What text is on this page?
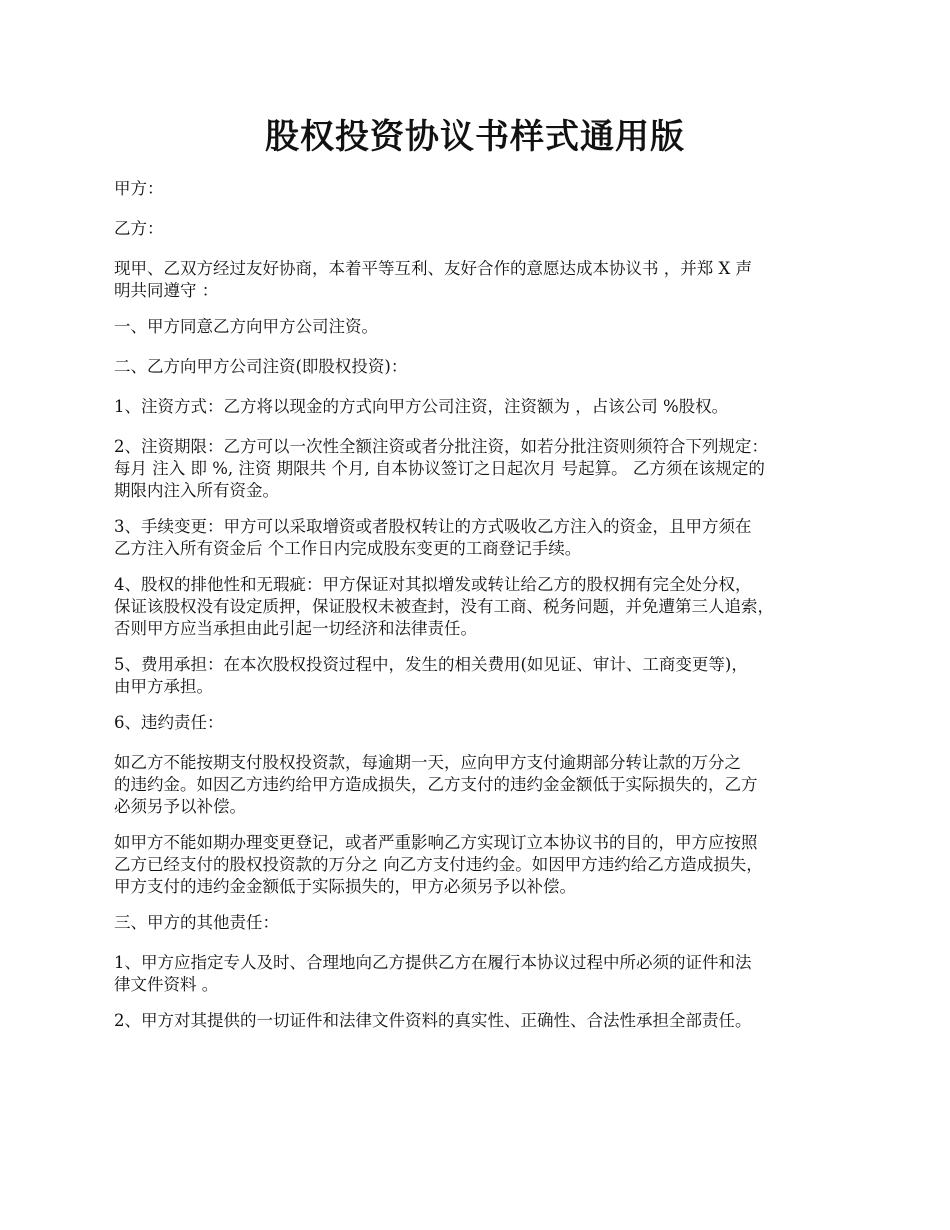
股权投资协议书样式通用版

甲方：

乙方：

现甲、乙双方经过友好协商，本着平等互利、友好合作的意愿达成本协议书 ，并郑 X 声
明共同遵守 ：

一、甲方同意乙方向甲方公司注资。

二、乙方向甲方公司注资(即股权投资)：

1、注资方式：乙方将以现金的方式向甲方公司注资，注资额为 ，占该公司 %股权。

2、注资期限：乙方可以一次性全额注资或者分批注资，如若分批注资则须符合下列规定：
每月 注入 即 %, 注资 期限共 个月, 自本协议签订之日起次月 号起算。 乙方须在该规定的
期限内注入所有资金。

3、手续变更：甲方可以采取增资或者股权转让的方式吸收乙方注入的资金，且甲方须在
乙方注入所有资金后 个工作日内完成股东变更的工商登记手续。

4、股权的排他性和无瑕疵：甲方保证对其拟增发或转让给乙方的股权拥有完全处分权，
保证该股权没有设定质押，保证股权未被查封，没有工商、税务问题，并免遭第三人追索，
否则甲方应当承担由此引起一切经济和法律责任。

5、费用承担：在本次股权投资过程中，发生的相关费用(如见证、审计、工商变更等)，
由甲方承担。

6、违约责任：

如乙方不能按期支付股权投资款，每逾期一天，应向甲方支付逾期部分转让款的万分之
的违约金。如因乙方违约给甲方造成损失，乙方支付的违约金金额低于实际损失的，乙方
必须另予以补偿。

如甲方不能如期办理变更登记，或者严重影响乙方实现订立本协议书的目的，甲方应按照
乙方已经支付的股权投资款的万分之 向乙方支付违约金。如因甲方违约给乙方造成损失，
甲方支付的违约金金额低于实际损失的，甲方必须另予以补偿。

三、甲方的其他责任：

1、甲方应指定专人及时、合理地向乙方提供乙方在履行本协议过程中所必须的证件和法
律文件资料 。

2、甲方对其提供的一切证件和法律文件资料的真实性、正确性、合法性承担全部责任。
